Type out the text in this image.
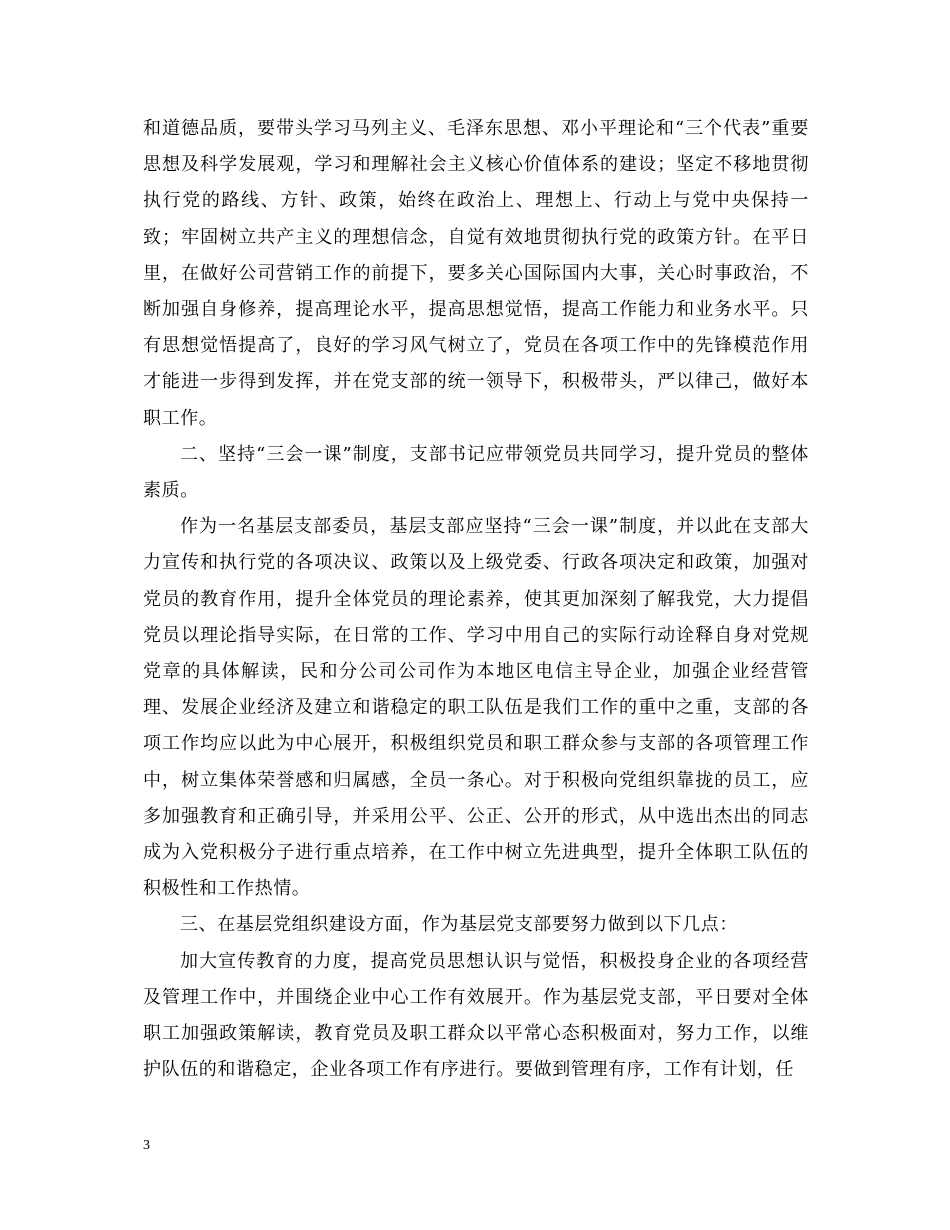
和道德品质，要带头学习马列主义、毛泽东思想、邓小平理论和“三个代表”重要思想及科学发展观，学习和理解社会主义核心价值体系的建设；坚定不移地贯彻执行党的路线、方针、政策，始终在政治上、理想上、行动上与党中央保持一致；牢固树立共产主义的理想信念，自觉有效地贯彻执行党的政策方针。在平日里，在做好公司营销工作的前提下，要多关心国际国内大事，关心时事政治，不断加强自身修养，提高理论水平，提高思想觉悟，提高工作能力和业务水平。只有思想觉悟提高了，良好的学习风气树立了，党员在各项工作中的先锋模范作用才能进一步得到发挥，并在党支部的统一领导下，积极带头，严以律己，做好本职工作。

二、坚持“三会一课”制度，支部书记应带领党员共同学习，提升党员的整体素质。

作为一名基层支部委员，基层支部应坚持“三会一课”制度，并以此在支部大力宣传和执行党的各项决议、政策以及上级党委、行政各项决定和政策，加强对党员的教育作用，提升全体党员的理论素养，使其更加深刻了解我党，大力提倡党员以理论指导实际，在日常的工作、学习中用自己的实际行动诠释自身对党规党章的具体解读，民和分公司公司作为本地区电信主导企业，加强企业经营管理、发展企业经济及建立和谐稳定的职工队伍是我们工作的重中之重，支部的各项工作均应以此为中心展开，积极组织党员和职工群众参与支部的各项管理工作中，树立集体荣誉感和归属感，全员一条心。对于积极向党组织靠拢的员工，应多加强教育和正确引导，并采用公平、公正、公开的形式，从中选出杰出的同志成为入党积极分子进行重点培养，在工作中树立先进典型，提升全体职工队伍的积极性和工作热情。

三、在基层党组织建设方面，作为基层党支部要努力做到以下几点：

加大宣传教育的力度，提高党员思想认识与觉悟，积极投身企业的各项经营及管理工作中，并围绕企业中心工作有效展开。作为基层党支部，平日要对全体职工加强政策解读，教育党员及职工群众以平常心态积极面对，努力工作，以维护队伍的和谐稳定，企业各项工作有序进行。要做到管理有序，工作有计划，任

3
